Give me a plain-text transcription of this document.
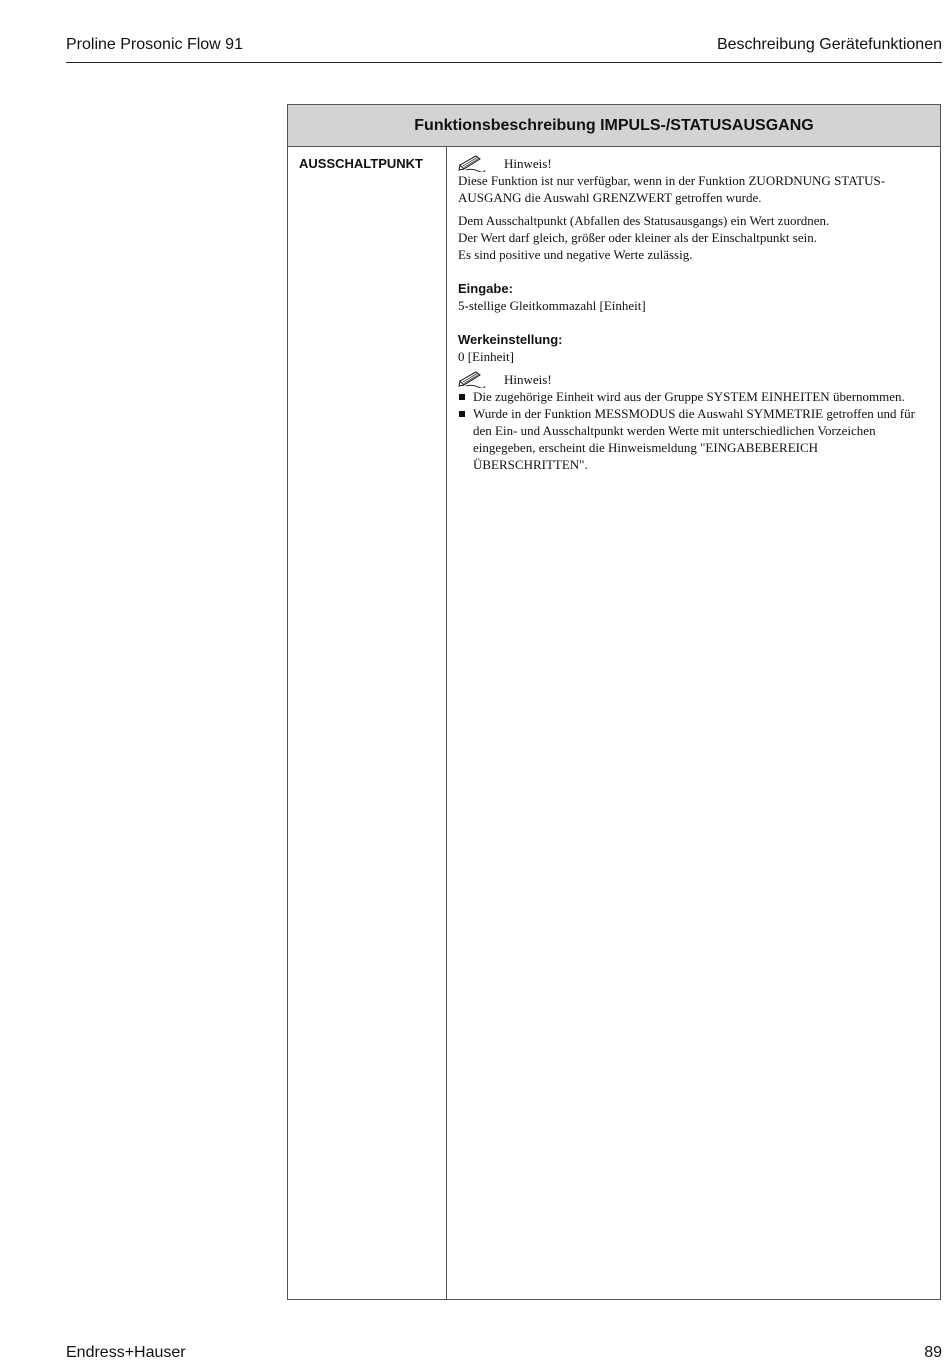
Proline Prosonic Flow 91	Beschreibung Gerätefunktionen
Funktionsbeschreibung IMPULS-/STATUSAUSGANG
AUSSCHALTPUNKT	Hinweis!

Diese Funktion ist nur verfügbar, wenn in der Funktion ZUORDNUNG STATUS-AUSGANG die Auswahl GRENZWERT getroffen wurde.

Dem Ausschaltpunkt (Abfallen des Statusausgangs) ein Wert zuordnen.

Der Wert darf gleich, größer oder kleiner als der Einschaltpunkt sein.

Es sind positive und negative Werte zulässig.

Eingabe:

5-stellige Gleitkommazahl [Einheit]

Werkeinstellung:

0 [Einheit]

Hinweis!
Die zugehörige Einheit wird aus der Gruppe SYSTEM EINHEITEN übernommen.
Wurde in der Funktion MESSMODUS die Auswahl SYMMETRIE getroffen und für den Ein- und Ausschaltpunkt werden Werte mit unterschiedlichen Vorzeichen eingegeben, erscheint die Hinweismeldung "EINGABEBEREICH ÜBERSCHRITTEN".
Endress+Hauser	89
